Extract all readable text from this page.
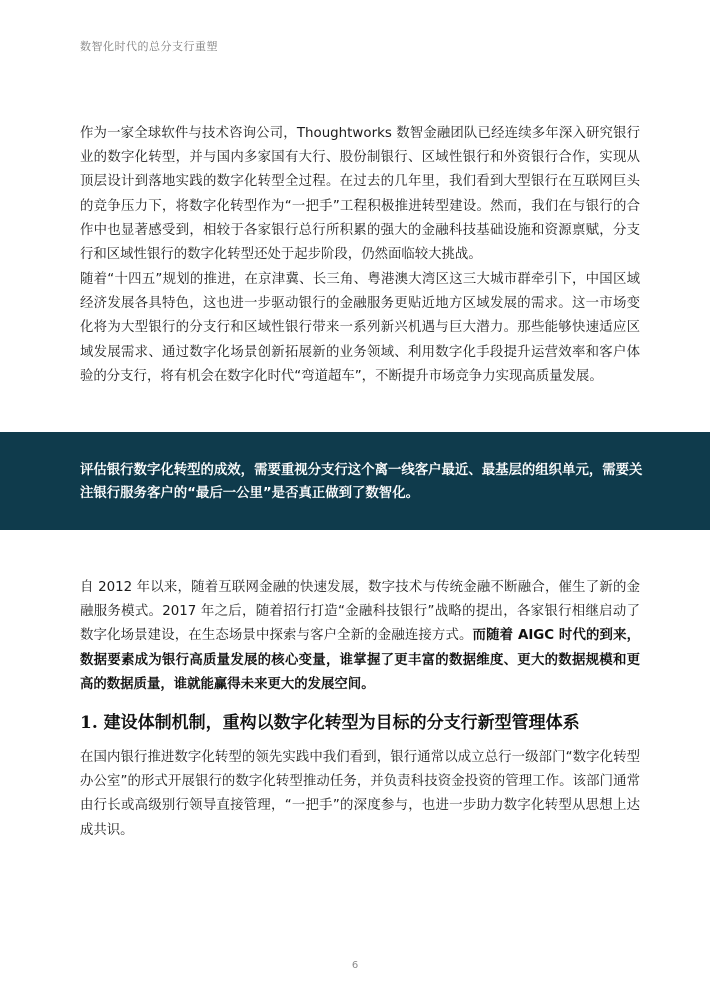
数智化时代的总分支行重塑

作为一家全球软件与技术咨询公司，Thoughtworks 数智金融团队已经连续多年深入研究银行业的数字化转型，并与国内多家国有大行、股份制银行、区域性银行和外资银行合作，实现从顶层设计到落地实践的数字化转型全过程。在过去的几年里，我们看到大型银行在互联网巨头的竞争压力下，将数字化转型作为“一把手”工程积极推进转型建设。然而，我们在与银行的合作中也显著感受到，相较于各家银行总行所积累的强大的金融科技基础设施和资源禀赋，分支行和区域性银行的数字化转型还处于起步阶段，仍然面临较大挑战。

随着“十四五”规划的推进，在京津冀、长三角、粤港澳大湾区这三大城市群牵引下，中国区域经济发展各具特色，这也进一步驱动银行的金融服务更贴近地方区域发展的需求。这一市场变化将为大型银行的分支行和区域性银行带来一系列新兴机遇与巨大潜力。那些能够快速适应区域发展需求、通过数字化场景创新拓展新的业务领域、利用数字化手段提升运营效率和客户体验的分支行，将有机会在数字化时代“弯道超车”，不断提升市场竞争力实现高质量发展。

评估银行数字化转型的成效，需要重视分支行这个离一线客户最近、最基层的组织单元，需要关注银行服务客户的“最后一公里”是否真正做到了数智化。

自 2012 年以来，随着互联网金融的快速发展，数字技术与传统金融不断融合，催生了新的金融服务模式。2017 年之后，随着招行打造“金融科技银行”战略的提出，各家银行相继启动了数字化场景建设，在生态场景中探索与客户全新的金融连接方式。而随着 AIGC 时代的到来，数据要素成为银行高质量发展的核心变量，谁掌握了更丰富的数据维度、更大的数据规模和更高的数据质量，谁就能赢得未来更大的发展空间。

1. 建设体制机制，重构以数字化转型为目标的分支行新型管理体系

在国内银行推进数字化转型的领先实践中我们看到，银行通常以成立总行一级部门“数字化转型办公室”的形式开展银行的数字化转型推动任务，并负责科技资金投资的管理工作。该部门通常由行长或高级别行领导直接管理，“一把手”的深度参与，也进一步助力数字化转型从思想上达成共识。

6
